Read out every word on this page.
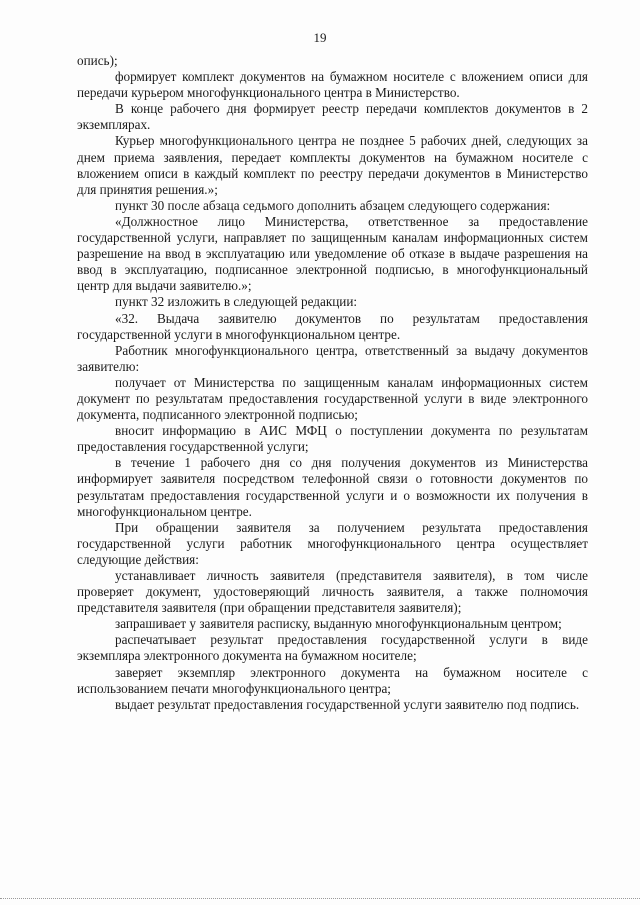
19

опись);

формирует комплект документов на бумажном носителе с вложением описи для передачи курьером многофункционального центра в Министерство.

В конце рабочего дня формирует реестр передачи комплектов документов в 2 экземплярах.

Курьер многофункционального центра не позднее 5 рабочих дней, следующих за днем приема заявления, передает комплекты документов на бумажном носителе с вложением описи в каждый комплект по реестру передачи документов в Министерство для принятия решения.»;

пункт 30 после абзаца седьмого дополнить абзацем следующего содержания:

«Должностное лицо Министерства, ответственное за предоставление государственной услуги, направляет по защищенным каналам информационных систем разрешение на ввод в эксплуатацию или уведомление об отказе в выдаче разрешения на ввод в эксплуатацию, подписанное электронной подписью, в многофункциональный центр для выдачи заявителю.»;

пункт 32 изложить в следующей редакции:

«32. Выдача заявителю документов по результатам предоставления государственной услуги в многофункциональном центре.

Работник многофункционального центра, ответственный за выдачу документов заявителю:

получает от Министерства по защищенным каналам информационных систем документ по результатам предоставления государственной услуги в виде электронного документа, подписанного электронной подписью;

вносит информацию в АИС МФЦ о поступлении документа по результатам предоставления государственной услуги;

в течение 1 рабочего дня со дня получения документов из Министерства информирует заявителя посредством телефонной связи о готовности документов по результатам предоставления государственной услуги и о возможности их получения в многофункциональном центре.

При обращении заявителя за получением результата предоставления государственной услуги работник многофункционального центра осуществляет следующие действия:

устанавливает личность заявителя (представителя заявителя), в том числе проверяет документ, удостоверяющий личность заявителя, а также полномочия представителя заявителя (при обращении представителя заявителя);

запрашивает у заявителя расписку, выданную многофункциональным центром;

распечатывает результат предоставления государственной услуги в виде экземпляра электронного документа на бумажном носителе;

заверяет экземпляр электронного документа на бумажном носителе с использованием печати многофункционального центра;

выдает результат предоставления государственной услуги заявителю под подпись.
